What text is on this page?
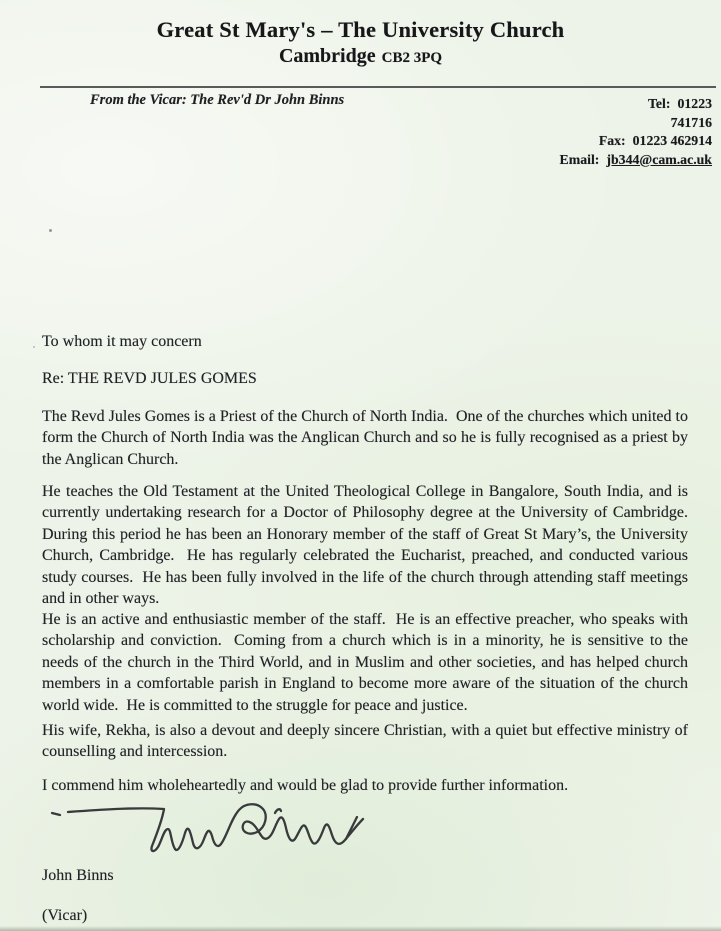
Great St Mary's – The University Church
Cambridge CB2 3PQ
From the Vicar: The Rev'd Dr John Binns	Tel: 01223
741716
Fax: 01223 462914
Email: jb344@cam.ac.uk
To whom it may concern
Re: THE REVD JULES GOMES
The Revd Jules Gomes is a Priest of the Church of North India.  One of the churches which united to form the Church of North India was the Anglican Church and so he is fully recognised as a priest by the Anglican Church.
He teaches the Old Testament at the United Theological College in Bangalore, South India, and is currently undertaking research for a Doctor of Philosophy degree at the University of Cambridge.  During this period he has been an Honorary member of the staff of Great St Mary’s, the University Church, Cambridge.  He has regularly celebrated the Eucharist, preached, and conducted various study courses.  He has been fully involved in the life of the church through attending staff meetings and in other ways.
He is an active and enthusiastic member of the staff.  He is an effective preacher, who speaks with scholarship and conviction.  Coming from a church which is in a minority, he is sensitive to the needs of the church in the Third World, and in Muslim and other societies, and has helped church members in a comfortable parish in England to become more aware of the situation of the church world wide.  He is committed to the struggle for peace and justice.
His wife, Rekha, is also a devout and deeply sincere Christian, with a quiet but effective ministry of counselling and intercession.
I commend him wholeheartedly and would be glad to provide further information.
John Binns
(Vicar)
